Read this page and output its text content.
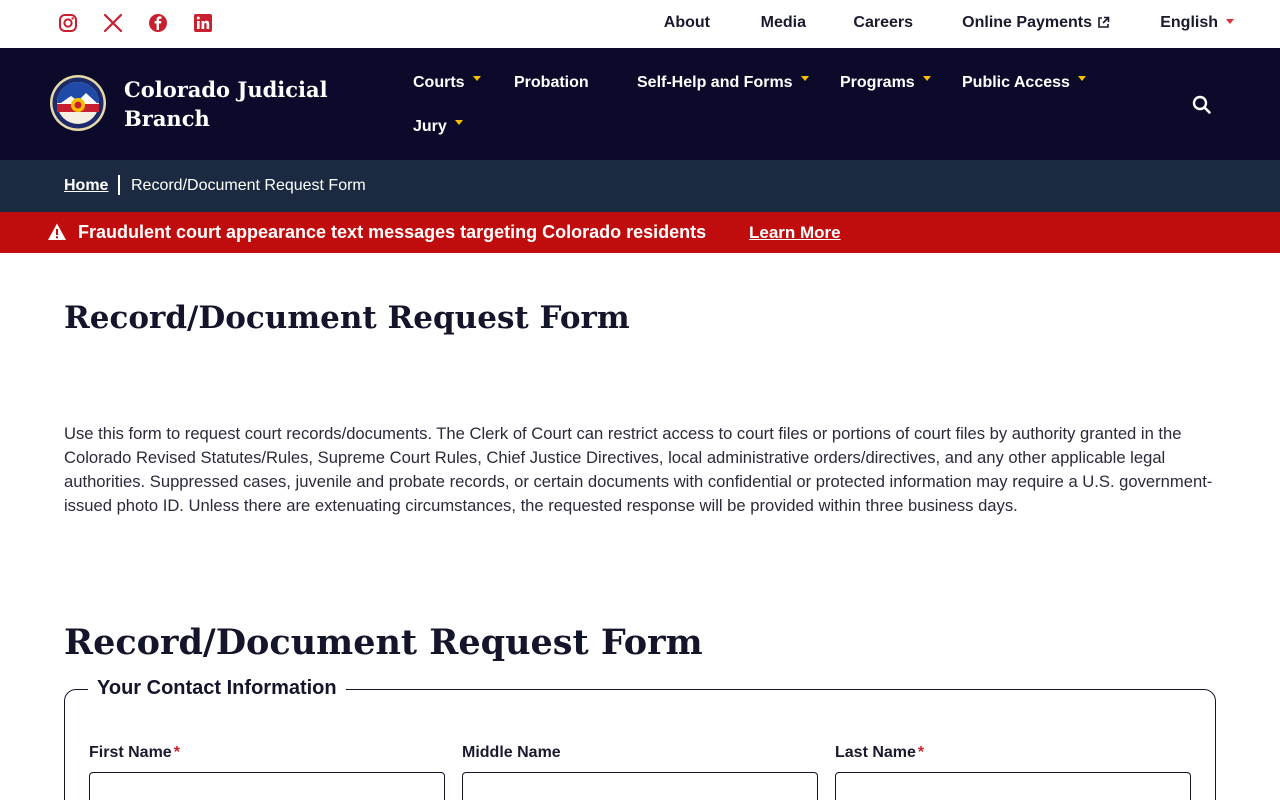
About	Media	Careers	Online Payments	English
Colorado Judicial Branch
Courts	Probation	Self-Help and Forms	Programs	Public Access
Jury
Home Record/Document Request Form
Fraudulent court appearance text messages targeting Colorado residents	Learn More
Record/Document Request Form

Use this form to request court records/documents. The Clerk of Court can restrict access to court files or portions of court files by authority granted in the Colorado Revised Statutes/Rules, Supreme Court Rules, Chief Justice Directives, local administrative orders/directives, and any other applicable legal authorities. Suppressed cases, juvenile and probate records, or certain documents with confidential or protected information may require a U.S. government-issued photo ID. Unless there are extenuating circumstances, the requested response will be provided within three business days.

Record/Document Request Form
Your Contact Information
First Name *	Middle Name	Last Name *
